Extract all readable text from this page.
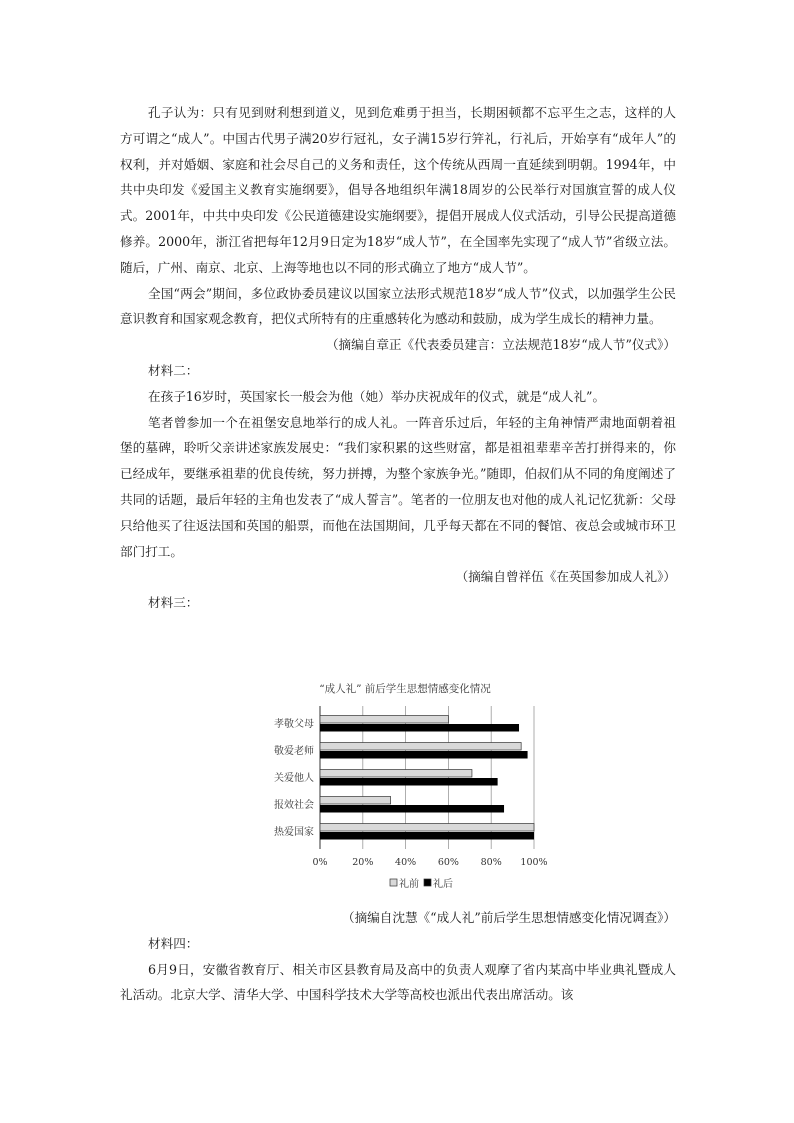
孔子认为：只有见到财利想到道义，见到危难勇于担当，长期困顿都不忘平生之志，这样的人方可谓之“成人”。中国古代男子满20岁行冠礼，女子满15岁行笄礼，行礼后，开始享有“成年人”的权利，并对婚姻、家庭和社会尽自己的义务和责任，这个传统从西周一直延续到明朝。1994年，中共中央印发《爱国主义教育实施纲要》，倡导各地组织年满18周岁的公民举行对国旗宣誓的成人仪式。2001年，中共中央印发《公民道德建设实施纲要》，提倡开展成人仪式活动，引导公民提高道德修养。2000年，浙江省把每年12月9日定为18岁“成人节”，在全国率先实现了“成人节”省级立法。随后，广州、南京、北京、上海等地也以不同的形式确立了地方“成人节”。

全国“两会”期间，多位政协委员建议以国家立法形式规范18岁“成人节”仪式，以加强学生公民意识教育和国家观念教育，把仪式所特有的庄重感转化为感动和鼓励，成为学生成长的精神力量。

（摘编自章正《代表委员建言：立法规范18岁“成人节”仪式》）

材料二：

在孩子16岁时，英国家长一般会为他（她）举办庆祝成年的仪式，就是“成人礼”。

笔者曾参加一个在祖堡安息地举行的成人礼。一阵音乐过后，年轻的主角神情严肃地面朝着祖堡的墓碑，聆听父亲讲述家族发展史：“我们家积累的这些财富，都是祖祖辈辈辛苦打拼得来的，你已经成年，要继承祖辈的优良传统，努力拼搏，为整个家族争光。”随即，伯叔们从不同的角度阐述了共同的话题，最后年轻的主角也发表了“成人誓言”。笔者的一位朋友也对他的成人礼记忆犹新：父母只给他买了往返法国和英国的船票，而他在法国期间，几乎每天都在不同的餐馆、夜总会或城市环卫部门打工。

（摘编自曾祥伍《在英国参加成人礼》）

材料三：

“成人礼” 前后学生思想情感变化情况
0%	20% 40% 60% 80% 100%
孝敬父母
敬爱老师
关爱他人
报效社会
热爱国家
礼前 礼后

（摘编自沈慧《“成人礼”前后学生思想情感变化情况调查》）

材料四：

6月9日，安徽省教育厅、相关市区县教育局及高中的负责人观摩了省内某高中毕业典礼暨成人礼活动。北京大学、清华大学、中国科学技术大学等高校也派出代表出席活动。该
